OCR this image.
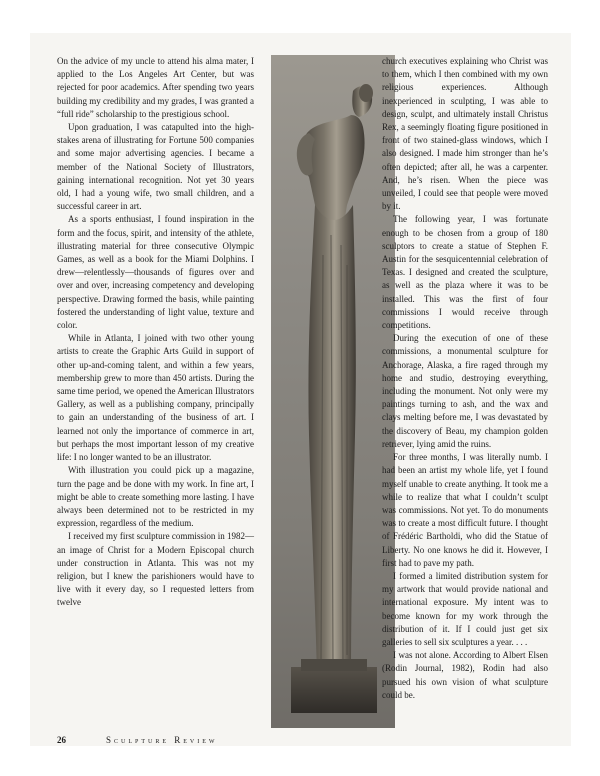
On the advice of my uncle to attend his alma mater, I applied to the Los Angeles Art Center, but was rejected for poor academics. After spending two years building my credibility and my grades, I was granted a “full ride” scholarship to the prestigious school.

Upon graduation, I was catapulted into the high-stakes arena of illustrating for Fortune 500 companies and some major advertising agencies. I became a member of the National Society of Illustrators, gaining international recognition. Not yet 30 years old, I had a young wife, two small children, and a successful career in art.

As a sports enthusiast, I found inspiration in the form and the focus, spirit, and intensity of the athlete, illustrating material for three consecutive Olympic Games, as well as a book for the Miami Dolphins. I drew—relentlessly—thousands of figures over and over and over, increasing competency and developing perspective. Drawing formed the basis, while painting fostered the understanding of light value, texture and color.

While in Atlanta, I joined with two other young artists to create the Graphic Arts Guild in support of other up-and-coming talent, and within a few years, membership grew to more than 450 artists. During the same time period, we opened the American Illustrators Gallery, as well as a publishing company, principally to gain an understanding of the business of art. I learned not only the importance of commerce in art, but perhaps the most important lesson of my creative life: I no longer wanted to be an illustrator.

With illustration you could pick up a magazine, turn the page and be done with my work. In fine art, I might be able to create something more lasting. I have always been determined not to be restricted in my expression, regardless of the medium.

I received my first sculpture commission in 1982—an image of Christ for a Modern Episcopal church under construction in Atlanta. This was not my religion, but I knew the parishioners would have to live with it every day, so I requested letters from twelve

church executives explaining who Christ was to them, which I then combined with my own religious experiences. Although inexperienced in sculpting, I was able to design, sculpt, and ultimately install Christus Rex, a seemingly floating figure positioned in front of two stained-glass windows, which I also designed. I made him stronger than he’s often depicted; after all, he was a carpenter. And, he’s risen. When the piece was unveiled, I could see that people were moved by it.

The following year, I was fortunate enough to be chosen from a group of 180 sculptors to create a statue of Stephen F. Austin for the sesquicentennial celebration of Texas. I designed and created the sculpture, as well as the plaza where it was to be installed. This was the first of four commissions I would receive through competitions.

During the execution of one of these commissions, a monumental sculpture for Anchorage, Alaska, a fire raged through my home and studio, destroying everything, including the monument. Not only were my paintings turning to ash, and the wax and clays melting before me, I was devastated by the discovery of Beau, my champion golden retriever, lying amid the ruins.

For three months, I was literally numb. I had been an artist my whole life, yet I found myself unable to create anything. It took me a while to realize that what I couldn’t sculpt was commissions. Not yet. To do monuments was to create a most difficult future. I thought of Frédéric Bartholdi, who did the Statue of Liberty. No one knows he did it. However, I first had to pave my path.

I formed a limited distribution system for my artwork that would provide national and international exposure. My intent was to become known for my work through the distribution of it. If I could just get six galleries to sell six sculptures a year. . . .

I was not alone. According to Albert Elsen (Rodin Journal, 1982), Rodin had also pursued his own vision of what sculpture could be.

26	Sculpture Review
